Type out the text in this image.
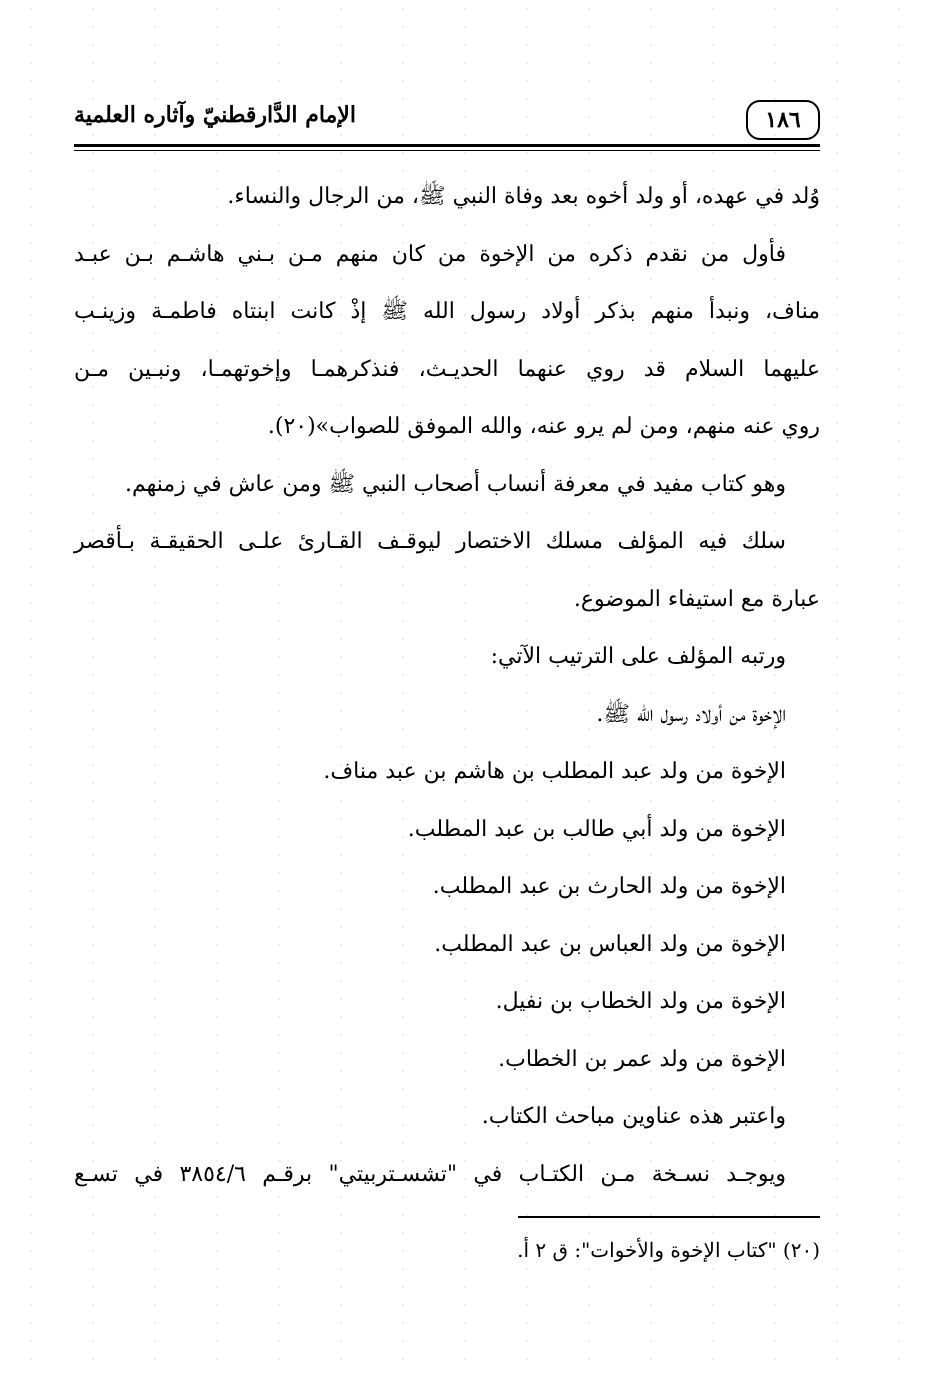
١٨٦
الإمام الدَّارقطنيّ وآثاره العلمية
وُلد في عهده، أو ولد أخوه بعد وفاة النبي ﷺ، من الرجال والنساء.
فأول من نقدم ذكره من الإخوة من كان منهم مـن بـني هاشـم بـن عبـد
مناف، ونبدأ منهم بذكر أولاد رسول الله ﷺ إذْ كانت ابنتاه فاطمـة وزينـب
عليهما السلام قد روي عنهما الحديـث، فنذكرهمـا وإخوتهمـا، ونبـين مـن
روي عنه منهم، ومن لم يرو عنه، والله الموفق للصواب»(٢٠).
وهو كتاب مفيد في معرفة أنساب أصحاب النبي ﷺ ومن عاش في زمنهم.
سلك فيه المؤلف مسلك الاختصار ليوقـف القـارئ علـى الحقيقـة بـأقصر
عبارة مع استيفاء الموضوع.
ورتبه المؤلف على الترتيب الآتي:
الإخوة من أولاد رسول الله ﷺ.
الإخوة من ولد عبد المطلب بن هاشم بن عبد مناف.
الإخوة من ولد أبي طالب بن عبد المطلب.
الإخوة من ولد الحارث بن عبد المطلب.
الإخوة من ولد العباس بن عبد المطلب.
الإخوة من ولد الخطاب بن نفيل.
الإخوة من ولد عمر بن الخطاب.
واعتبر هذه عناوين مباحث الكتاب.
ويوجـد نسـخة مـن الكتـاب في "تشسـتربيتي" برقـم ٣٨٥٤/٦ في تسـع
(٢٠) "كتاب الإخوة والأخوات": ق ٢ أ.
